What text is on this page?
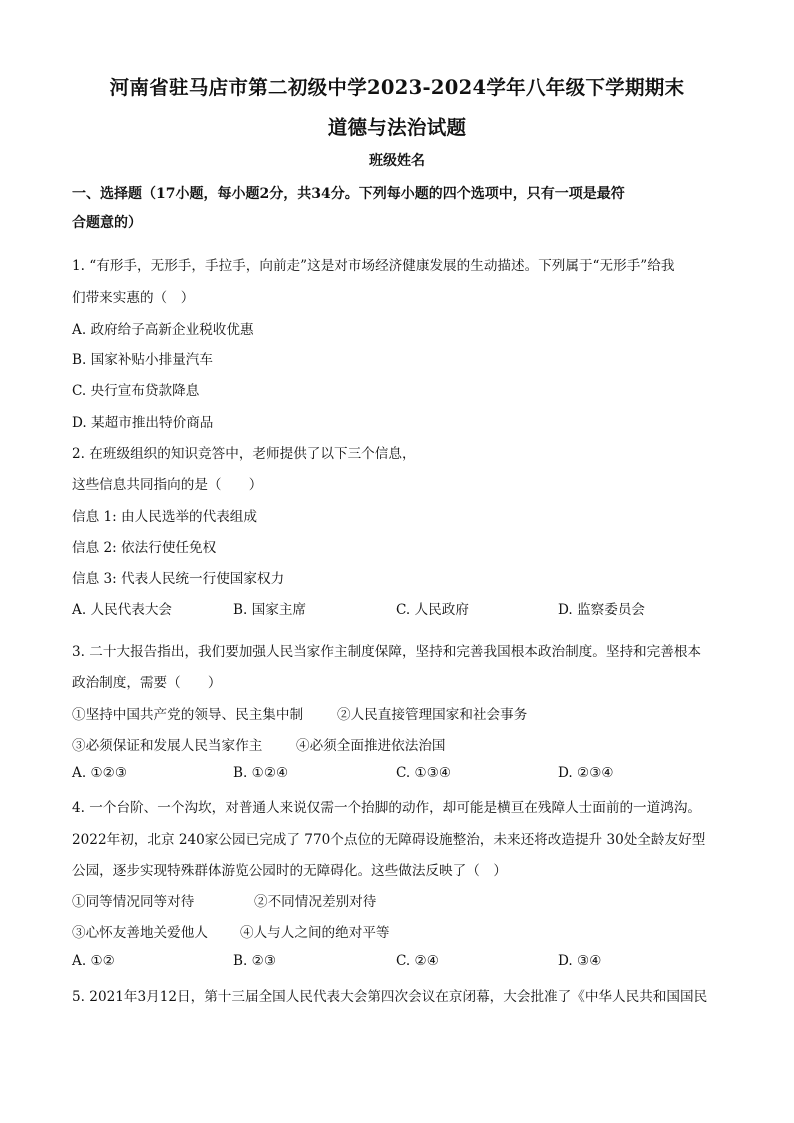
河南省驻马店市第二初级中学2023-2024学年八年级下学期期末
道德与法治试题
班级姓名
一、选择题（17小题，每小题2分，共34分。下列每小题的四个选项中，只有一项是最符
合题意的）
1. “有形手，无形手，手拉手，向前走”这是对市场经济健康发展的生动描述。下列属于“无形手”给我
们带来实惠的（　）
A. 政府给子高新企业税收优惠
B. 国家补贴小排量汽车
C. 央行宣布贷款降息
D. 某超市推出特价商品
2. 在班级组织的知识竞答中，老师提供了以下三个信息，
这些信息共同指向的是（　　）
信息 1: 由人民选举的代表组成
信息 2: 依法行使任免权
信息 3: 代表人民统一行使国家权力
A. 人民代表大会	B. 国家主席	C. 人民政府	D. 监察委员会
3. 二十大报告指出，我们要加强人民当家作主制度保障，坚持和完善我国根本政治制度。坚持和完善根本
政治制度，需要（　　）
①坚持中国共产党的领导、民主集中制 ②人民直接管理国家和社会事务
③必须保证和发展人民当家作主 ④必须全面推进依法治国
A. ①②③	B. ①②④	C. ①③④	D. ②③④
4. 一个台阶、一个沟坎，对普通人来说仅需一个抬脚的动作，却可能是横亘在残障人士面前的一道鸿沟。
2022年初，北京 240家公园已完成了 770个点位的无障碍设施整治，未来还将改造提升 30处全龄友好型
公园，逐步实现特殊群体游览公园时的无障碍化。这些做法反映了（　）
①同等情况同等对待	②不同情况差别对待
③心怀友善地关爱他人 ④人与人之间的绝对平等
A. ①②	B. ②③	C. ②④	D. ③④
5. 2021年3月12日，第十三届全国人民代表大会第四次会议在京闭幕，大会批准了《中华人民共和国国民
